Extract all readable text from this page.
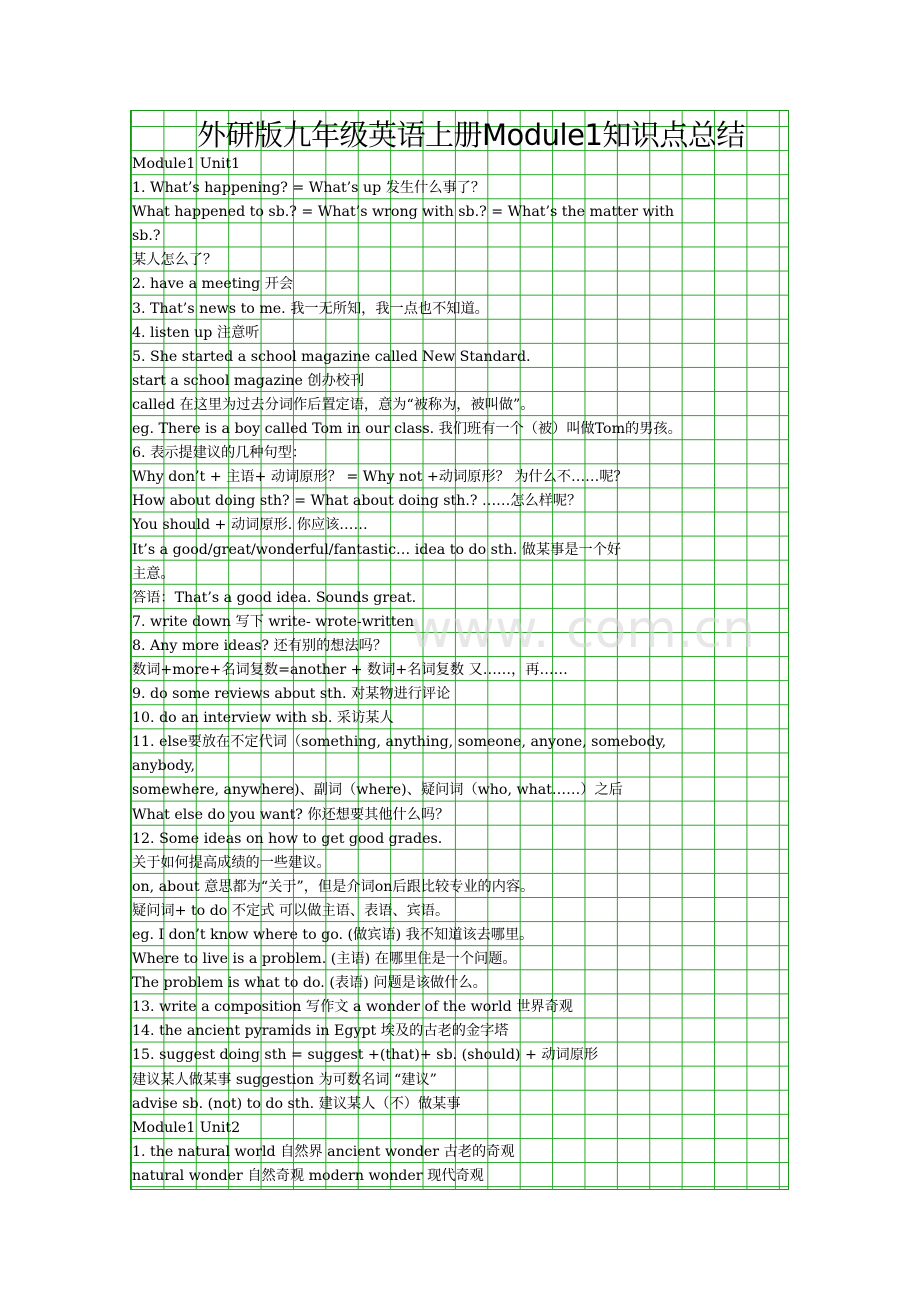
外研版九年级英语上册Module1知识点总结
Module1 Unit1
1. What’s happening? = What’s up 发生什么事了？
What happened to sb.? = What’s wrong with sb.? = What’s the matter with
sb.?
某人怎么了？
2. have a meeting 开会
3. That’s news to me. 我一无所知，我一点也不知道。
4. listen up 注意听
5. She started a school magazine called New Standard.
start a school magazine 创办校刊
called 在这里为过去分词作后置定语，意为“被称为，被叫做”。
eg. There is a boy called Tom in our class. 我们班有一个（被）叫做Tom的男孩。
6. 表示提建议的几种句型：
Why don’t + 主语+ 动词原形？ = Why not +动词原形？ 为什么不……呢？
How about doing sth? = What about doing sth.? ……怎么样呢？
You should + 动词原形. 你应该……
It’s a good/great/wonderful/fantastic… idea to do sth. 做某事是一个好
主意。
答语：That’s a good idea. Sounds great.
7. write down 写下 write- wrote-written
8. Any more ideas? 还有别的想法吗？
数词+more+名词复数=another + 数词+名词复数 又……，再……
9. do some reviews about sth. 对某物进行评论
10. do an interview with sb. 采访某人
11. else要放在不定代词（something, anything, someone, anyone, somebody,
anybody,
somewhere, anywhere)、副词（where)、疑问词（who, what……）之后
What else do you want? 你还想要其他什么吗？
12. Some ideas on how to get good grades.
关于如何提高成绩的一些建议。
on, about 意思都为“关于”，但是介词on后跟比较专业的内容。
疑问词+ to do 不定式 可以做主语、表语、宾语。
eg. I don’t know where to go. (做宾语) 我不知道该去哪里。
Where to live is a problem. (主语) 在哪里住是一个问题。
The problem is what to do. (表语) 问题是该做什么。
13. write a composition 写作文 a wonder of the world 世界奇观
14. the ancient pyramids in Egypt 埃及的古老的金字塔
15. suggest doing sth = suggest +(that)+ sb. (should) + 动词原形
建议某人做某事 suggestion 为可数名词 “建议”
advise sb. (not) to do sth. 建议某人（不）做某事
Module1 Unit2
1. the natural world 自然界 ancient wonder 古老的奇观
natural wonder 自然奇观 modern wonder 现代奇观
www. com.cn
